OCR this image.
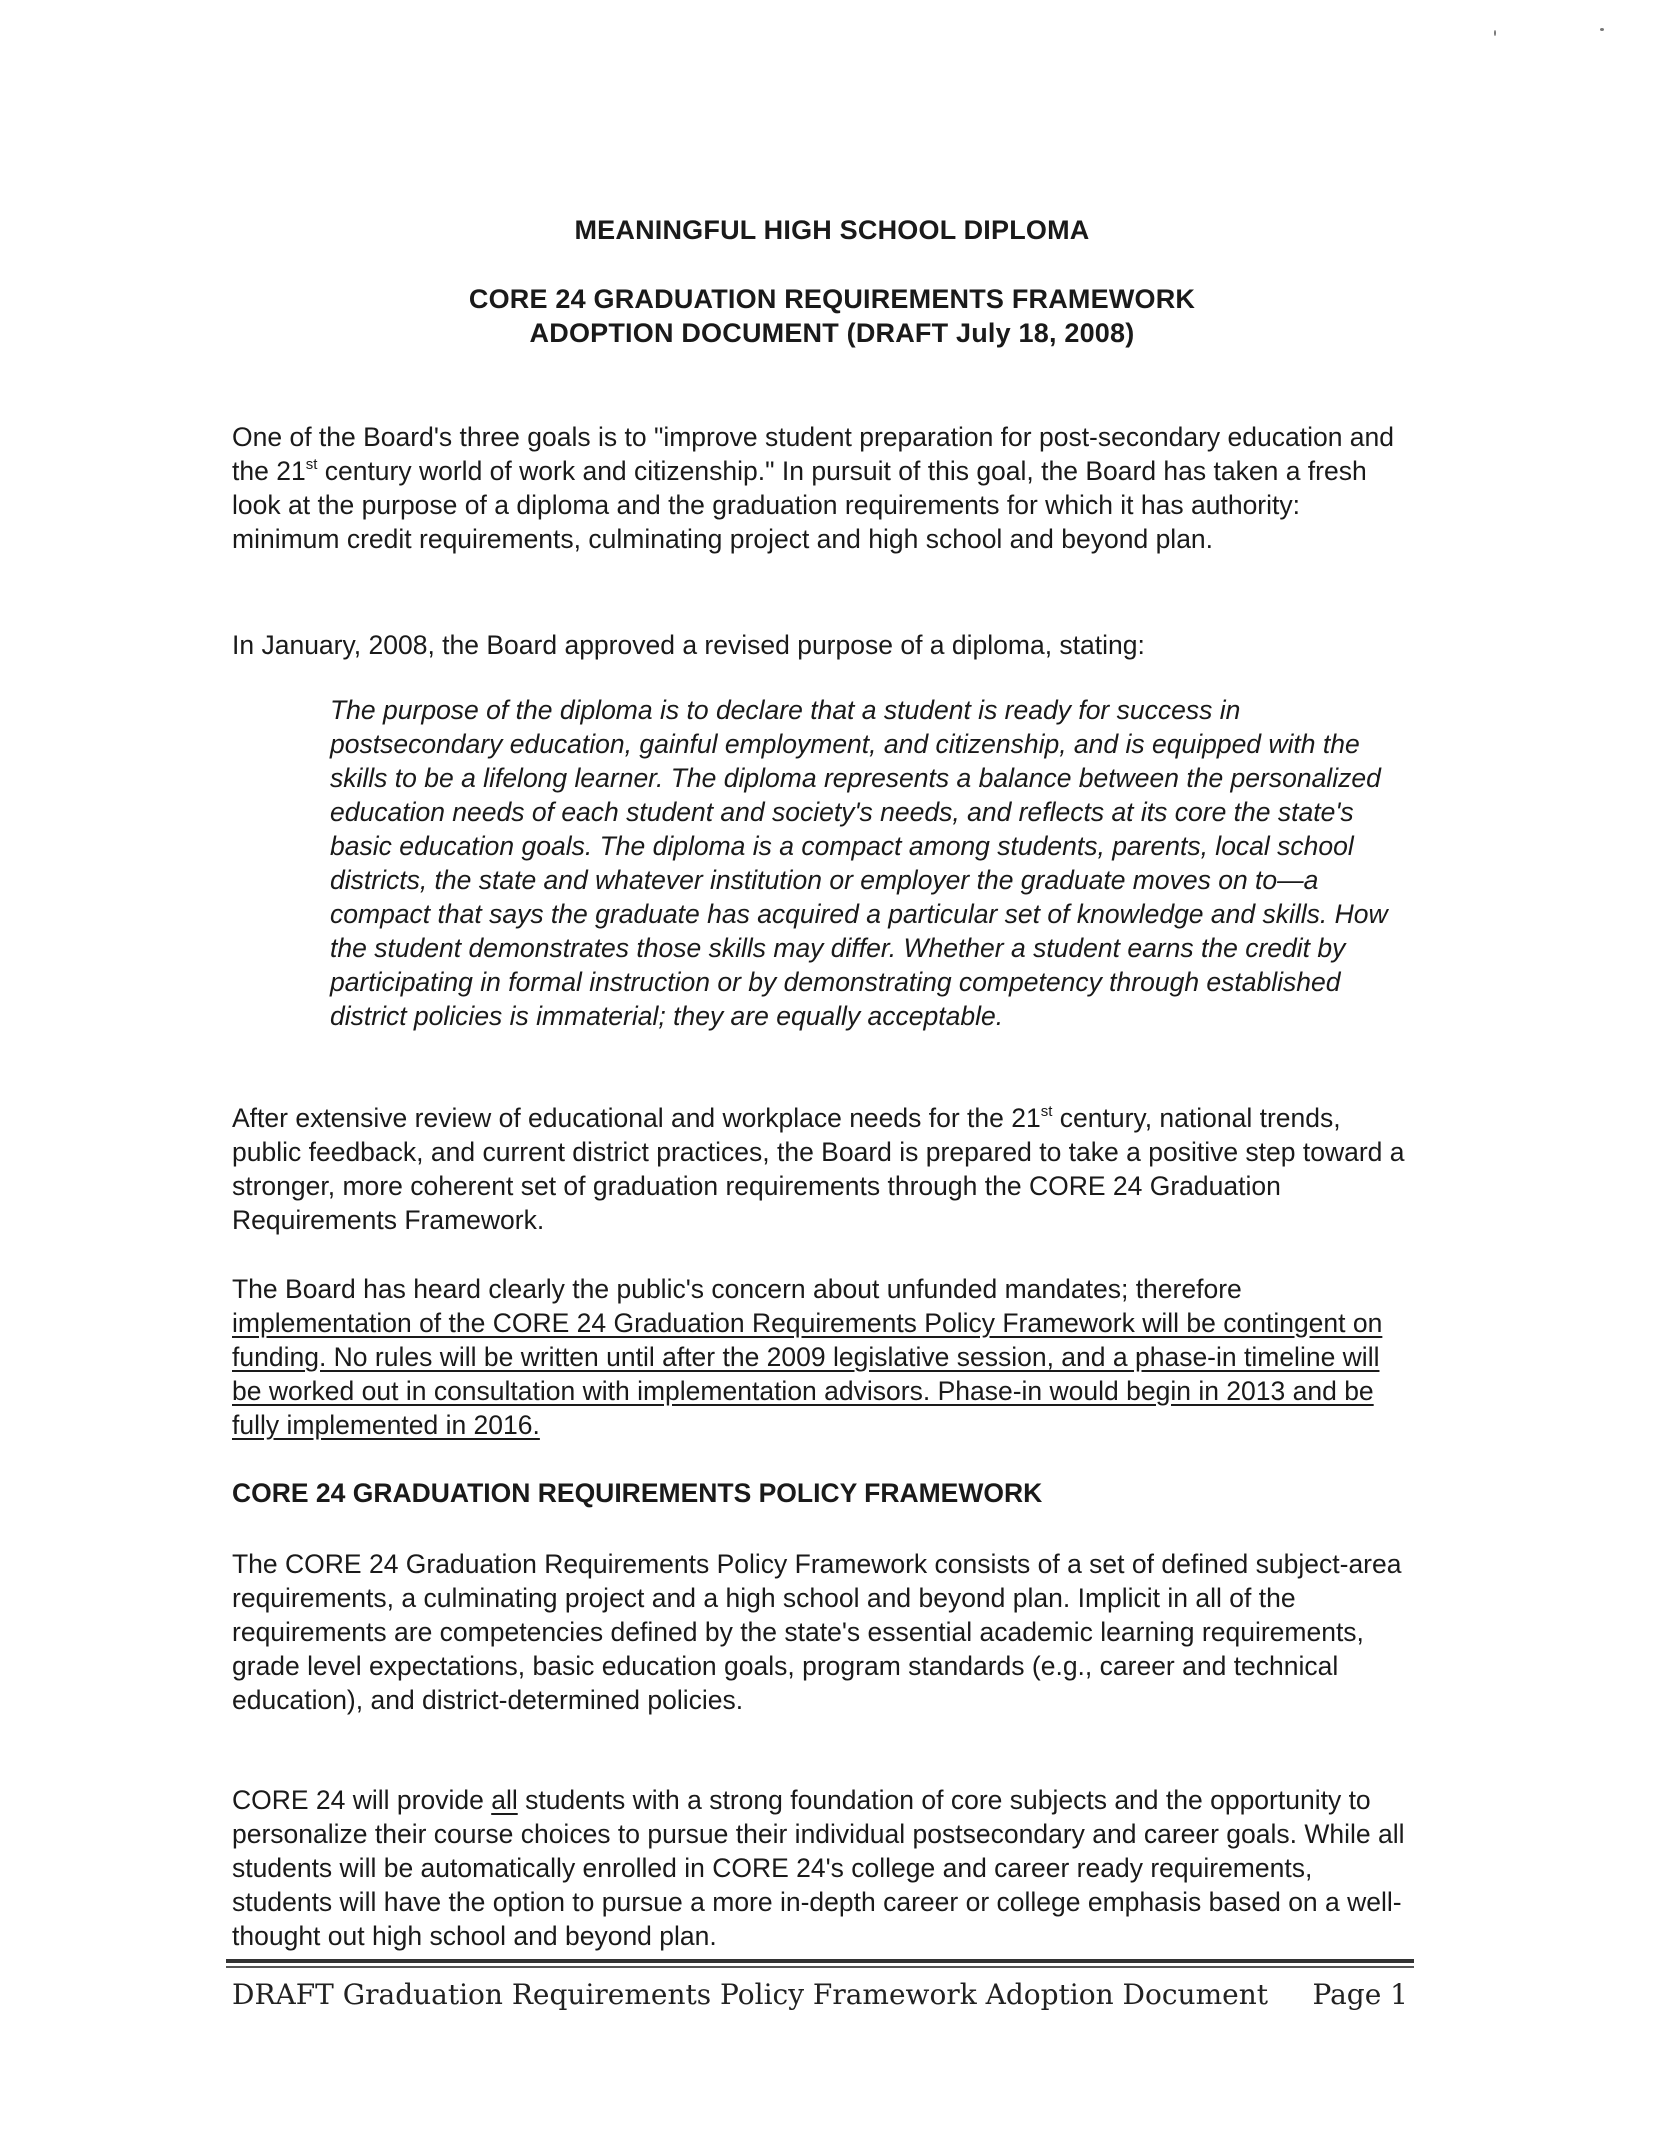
MEANINGFUL HIGH SCHOOL DIPLOMA
CORE 24 GRADUATION REQUIREMENTS FRAMEWORK
ADOPTION DOCUMENT (DRAFT July 18, 2008)

One of the Board's three goals is to "improve student preparation for post-secondary education and the 21st century world of work and citizenship." In pursuit of this goal, the Board has taken a fresh look at the purpose of a diploma and the graduation requirements for which it has authority: minimum credit requirements, culminating project and high school and beyond plan.

In January, 2008, the Board approved a revised purpose of a diploma, stating:

The purpose of the diploma is to declare that a student is ready for success in postsecondary education, gainful employment, and citizenship, and is equipped with the skills to be a lifelong learner. The diploma represents a balance between the personalized education needs of each student and society's needs, and reflects at its core the state's basic education goals. The diploma is a compact among students, parents, local school districts, the state and whatever institution or employer the graduate moves on to—a compact that says the graduate has acquired a particular set of knowledge and skills. How the student demonstrates those skills may differ. Whether a student earns the credit by participating in formal instruction or by demonstrating competency through established district policies is immaterial; they are equally acceptable.

After extensive review of educational and workplace needs for the 21st century, national trends, public feedback, and current district practices, the Board is prepared to take a positive step toward a stronger, more coherent set of graduation requirements through the CORE 24 Graduation Requirements Framework.

The Board has heard clearly the public's concern about unfunded mandates; therefore implementation of the CORE 24 Graduation Requirements Policy Framework will be contingent on funding. No rules will be written until after the 2009 legislative session, and a phase-in timeline will be worked out in consultation with implementation advisors. Phase-in would begin in 2013 and be fully implemented in 2016.

CORE 24 GRADUATION REQUIREMENTS POLICY FRAMEWORK

The CORE 24 Graduation Requirements Policy Framework consists of a set of defined subject-area requirements, a culminating project and a high school and beyond plan. Implicit in all of the requirements are competencies defined by the state's essential academic learning requirements, grade level expectations, basic education goals, program standards (e.g., career and technical education), and district-determined policies.

CORE 24 will provide all students with a strong foundation of core subjects and the opportunity to personalize their course choices to pursue their individual postsecondary and career goals. While all students will be automatically enrolled in CORE 24's college and career ready requirements, students will have the option to pursue a more in-depth career or college emphasis based on a well-thought out high school and beyond plan.

DRAFT Graduation Requirements Policy Framework Adoption Document Page 1
